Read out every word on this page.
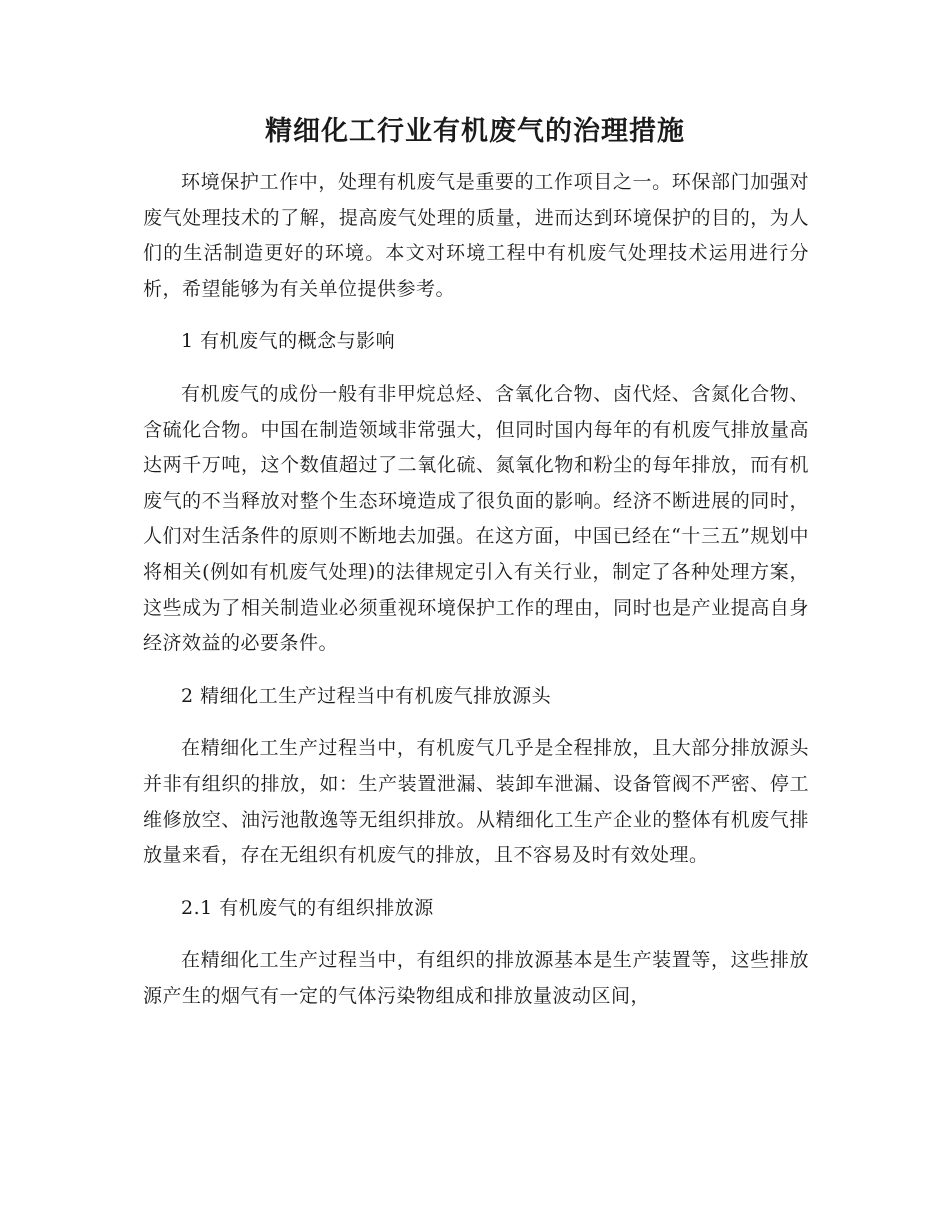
精细化工行业有机废气的治理措施

环境保护工作中，处理有机废气是重要的工作项目之一。环保部门加强对废气处理技术的了解，提高废气处理的质量，进而达到环境保护的目的，为人们的生活制造更好的环境。本文对环境工程中有机废气处理技术运用进行分析，希望能够为有关单位提供参考。

1 有机废气的概念与影响

有机废气的成份一般有非甲烷总烃、含氧化合物、卤代烃、含氮化合物、含硫化合物。中国在制造领域非常强大，但同时国内每年的有机废气排放量高达两千万吨，这个数值超过了二氧化硫、氮氧化物和粉尘的每年排放，而有机废气的不当释放对整个生态环境造成了很负面的影响。经济不断进展的同时，人们对生活条件的原则不断地去加强。在这方面，中国已经在“十三五”规划中将相关(例如有机废气处理)的法律规定引入有关行业，制定了各种处理方案，这些成为了相关制造业必须重视环境保护工作的理由，同时也是产业提高自身经济效益的必要条件。

2 精细化工生产过程当中有机废气排放源头

在精细化工生产过程当中，有机废气几乎是全程排放，且大部分排放源头并非有组织的排放，如：生产装置泄漏、装卸车泄漏、设备管阀不严密、停工维修放空、油污池散逸等无组织排放。从精细化工生产企业的整体有机废气排放量来看，存在无组织有机废气的排放，且不容易及时有效处理。

2.1 有机废气的有组织排放源

在精细化工生产过程当中，有组织的排放源基本是生产装置等，这些排放源产生的烟气有一定的气体污染物组成和排放量波动区间，
